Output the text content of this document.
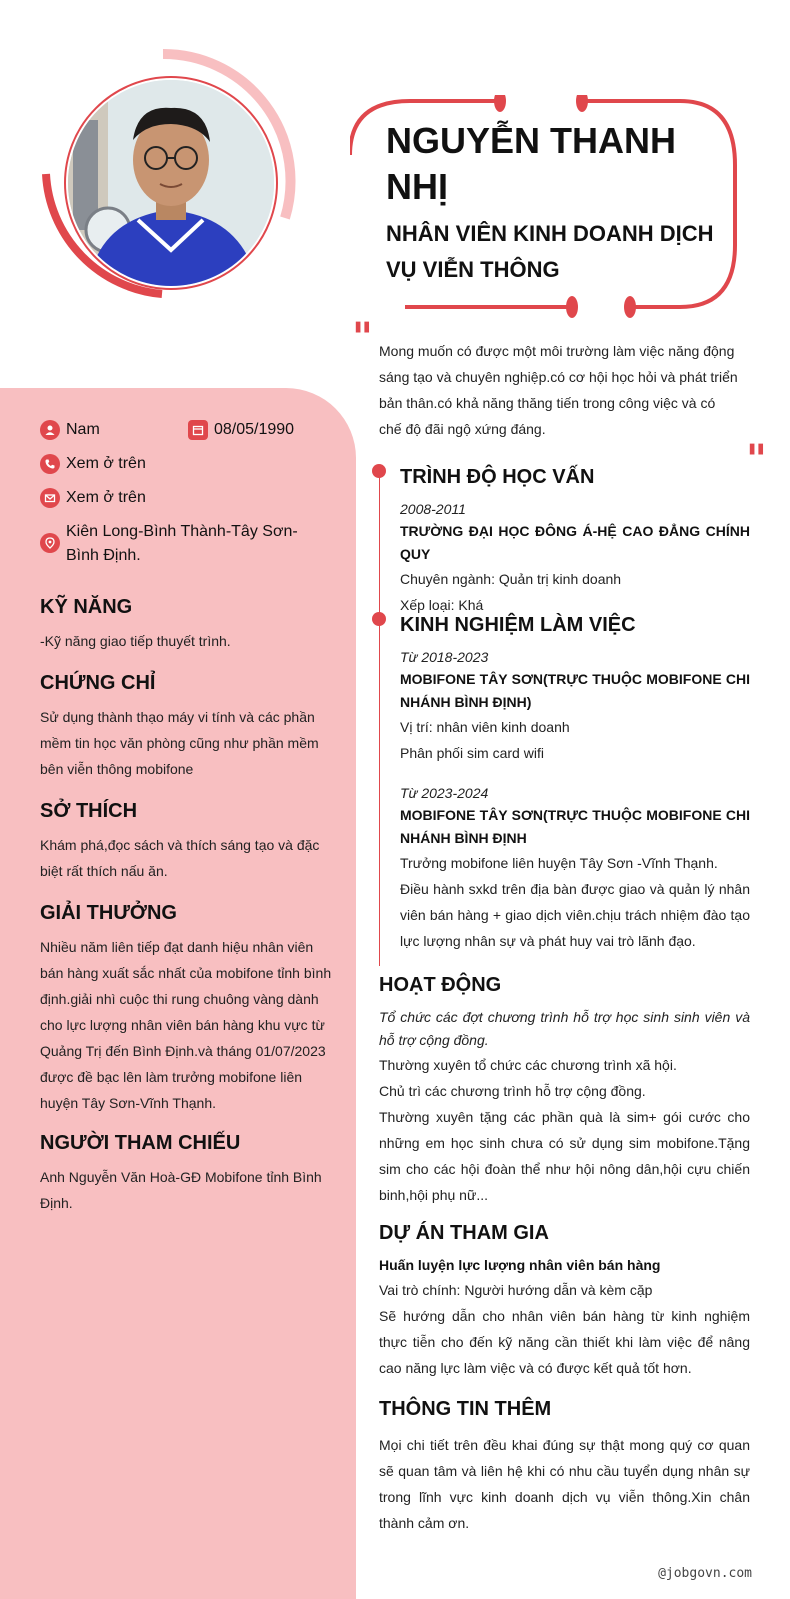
NGUYỄN THANH NHỊ
NHÂN VIÊN KINH DOANH DỊCH VỤ VIỄN THÔNG
" Mong muốn có được một môi trường làm việc năng động sáng tạo và chuyên nghiệp.có cơ hội học hỏi và phát triển bản thân.có khả năng thăng tiến trong công việc và có chế độ đãi ngộ xứng đáng.

"
Nam	08/05/1990
Xem ở trên
Xem ở trên
Kiên Long-Bình Thành-Tây Sơn-Bình Định.
KỸ NĂNG

-Kỹ năng giao tiếp thuyết trình.

CHỨNG CHỈ

Sử dụng thành thạo máy vi tính và các phần mềm tin học văn phòng cũng như phần mềm bên viễn thông mobifone

SỞ THÍCH

Khám phá,đọc sách và thích sáng tạo và đặc biệt rất thích nấu ăn.

GIẢI THƯỞNG

Nhiều năm liên tiếp đạt danh hiệu nhân viên bán hàng xuất sắc nhất của mobifone tỉnh bình định.giải nhì cuộc thi rung chuông vàng dành cho lực lượng nhân viên bán hàng khu vực từ Quảng Trị đến Bình Định.và tháng 01/07/2023 được đề bạc lên làm trưởng mobifone liên huyện Tây Sơn-Vĩnh Thạnh.

NGƯỜI THAM CHIẾU

Anh Nguyễn Văn Hoà-GĐ Mobifone tỉnh Bình Định.

TRÌNH ĐỘ HỌC VẤN

2008-2011

TRƯỜNG ĐẠI HỌC ĐÔNG Á-HỆ CAO ĐẲNG CHÍNH QUY

Chuyên ngành: Quản trị kinh doanh

Xếp loại: Khá

KINH NGHIỆM LÀM VIỆC

Từ 2018-2023

MOBIFONE TÂY SƠN(TRỰC THUỘC MOBIFONE CHI NHÁNH BÌNH ĐỊNH)

Vị trí: nhân viên kinh doanh

Phân phối sim card wifi

Từ 2023-2024

MOBIFONE TÂY SƠN(TRỰC THUỘC MOBIFONE CHI NHÁNH BÌNH ĐỊNH

Trưởng mobifone liên huyện Tây Sơn -Vĩnh Thạnh.

Điều hành sxkd trên địa bàn được giao và quản lý nhân viên bán hàng + giao dịch viên.chịu trách nhiệm đào tạo lực lượng nhân sự và phát huy vai trò lãnh đạo.

HOẠT ĐỘNG

Tổ chức các đợt chương trình hỗ trợ học sinh sinh viên và hỗ trợ cộng đồng.

Thường xuyên tổ chức các chương trình xã hội.

Chủ trì các chương trình hỗ trợ cộng đồng.

Thường xuyên tặng các phần quà là sim+ gói cước cho những em học sinh chưa có sử dụng sim mobifone.Tặng sim cho các hội đoàn thể như hội nông dân,hội cựu chiến binh,hội phụ nữ...

DỰ ÁN THAM GIA

Huấn luyện lực lượng nhân viên bán hàng

Vai trò chính: Người hướng dẫn và kèm cặp

Sẽ hướng dẫn cho nhân viên bán hàng từ kinh nghiệm thực tiễn cho đến kỹ năng cần thiết khi làm việc để nâng cao năng lực làm việc và có được kết quả tốt hơn.

THÔNG TIN THÊM

Mọi chi tiết trên đều khai đúng sự thật mong quý cơ quan sẽ quan tâm và liên hệ khi có nhu cầu tuyển dụng nhân sự trong lĩnh vực kinh doanh dịch vụ viễn thông.Xin chân thành cảm ơn.

@jobgovn.com
